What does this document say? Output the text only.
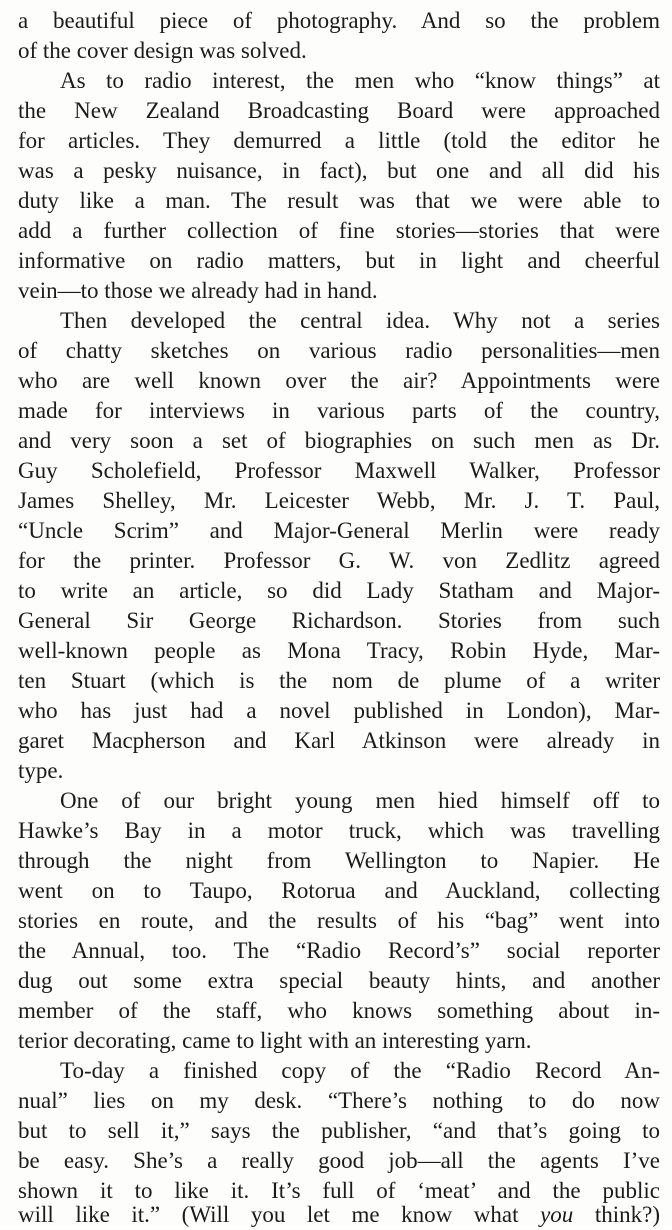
a beautiful piece of photography. And so the problem
of the cover design was solved.
As to radio interest, the men who “know things” at
the New Zealand Broadcasting Board were approached
for articles. They demurred a little (told the editor he
was a pesky nuisance, in fact), but one and all did his
duty like a man. The result was that we were able to
add a further collection of fine stories—stories that were
informative on radio matters, but in light and cheerful
vein—to those we already had in hand.
Then developed the central idea. Why not a series
of chatty sketches on various radio personalities—men
who are well known over the air? Appointments were
made for interviews in various parts of the country,
and very soon a set of biographies on such men as Dr.
Guy Scholefield, Professor Maxwell Walker, Professor
James Shelley, Mr. Leicester Webb, Mr. J. T. Paul,
“Uncle Scrim” and Major-General Merlin were ready
for the printer. Professor G. W. von Zedlitz agreed
to write an article, so did Lady Statham and Major-
General Sir George Richardson. Stories from such
well-known people as Mona Tracy, Robin Hyde, Mar-
ten Stuart (which is the nom de plume of a writer
who has just had a novel published in London), Mar-
garet Macpherson and Karl Atkinson were already in
type.
One of our bright young men hied himself off to
Hawke’s Bay in a motor truck, which was travelling
through the night from Wellington to Napier. He
went on to Taupo, Rotorua and Auckland, collecting
stories en route, and the results of his “bag” went into
the Annual, too. The “Radio Record’s” social reporter
dug out some extra special beauty hints, and another
member of the staff, who knows something about in-
terior decorating, came to light with an interesting yarn.
To-day a finished copy of the “Radio Record An-
nual” lies on my desk. “There’s nothing to do now
but to sell it,” says the publisher, “and that’s going to
be easy. She’s a really good job—all the agents I’ve
shown it to like it. It’s full of ‘meat’ and the public
will like it.” (Will you let me know what you think?)
